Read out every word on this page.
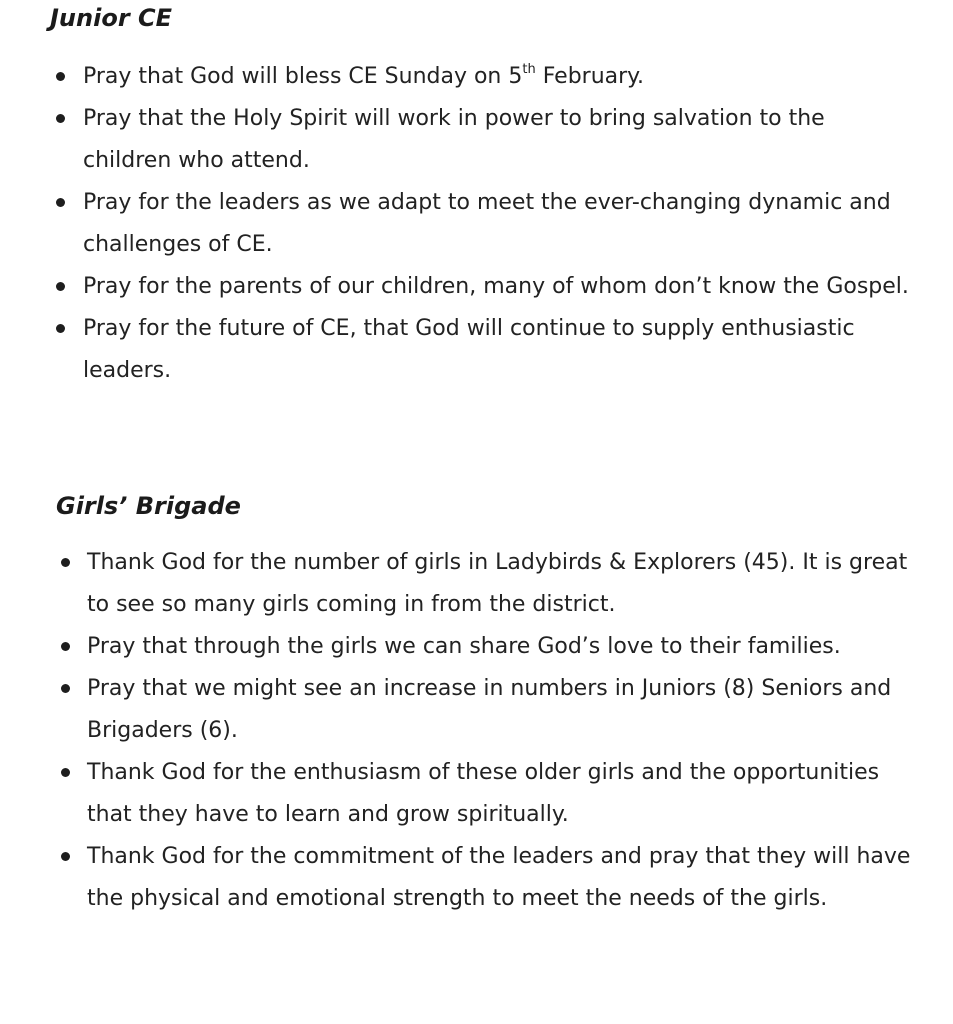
Junior CE
Pray that God will bless CE Sunday on 5th February.
Pray that the Holy Spirit will work in power to bring salvation to the children who attend.
Pray for the leaders as we adapt to meet the ever-changing dynamic and challenges of CE.
Pray for the parents of our children, many of whom don’t know the Gospel.
Pray for the future of CE, that God will continue to supply enthusiastic leaders.
Girls’ Brigade
Thank God for the number of girls in Ladybirds & Explorers (45). It is great to see so many girls coming in from the district.
Pray that through the girls we can share God’s love to their families.
Pray that we might see an increase in numbers in Juniors (8) Seniors and Brigaders (6).
Thank God for the enthusiasm of these older girls and the opportunities that they have to learn and grow spiritually.
Thank God for the commitment of the leaders and pray that they will have the physical and emotional strength to meet the needs of the girls.
